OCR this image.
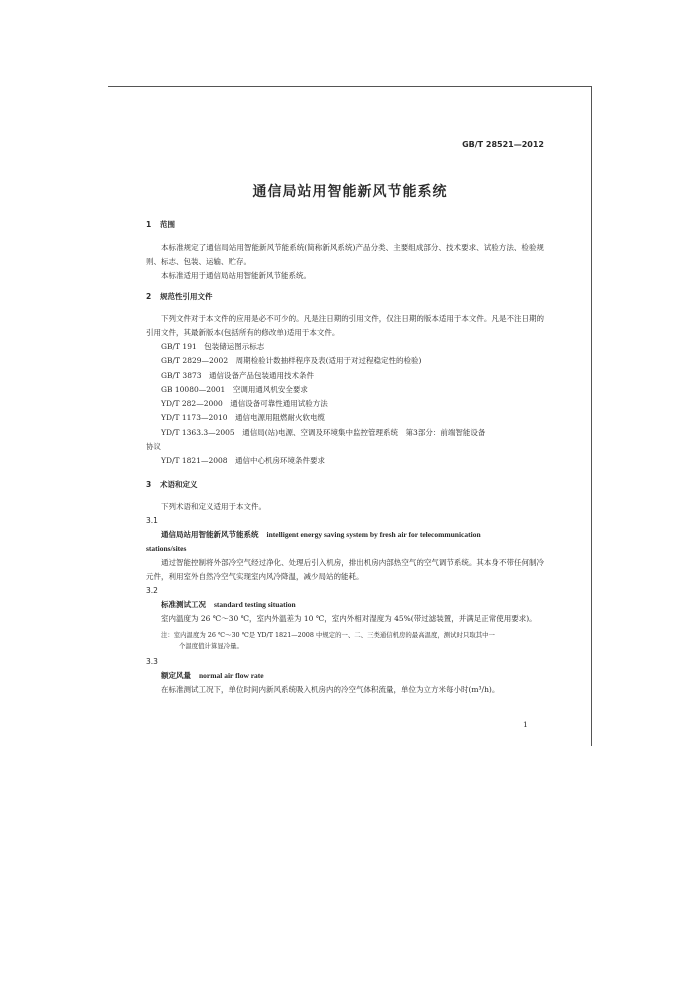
GB/T 28521—2012
通信局站用智能新风节能系统

1 范围

本标准规定了通信局站用智能新风节能系统(简称新风系统)产品分类、主要组成部分、技术要求、试验方法、检验规则、标志、包装、运输、贮存。

本标准适用于通信局站用智能新风节能系统。

2 规范性引用文件

下列文件对于本文件的应用是必不可少的。凡是注日期的引用文件，仅注日期的版本适用于本文件。凡是不注日期的引用文件，其最新版本(包括所有的修改单)适用于本文件。

GB/T 191　包装储运图示标志
GB/T 2829—2002　周期检验计数抽样程序及表(适用于对过程稳定性的检验)
GB/T 3873　通信设备产品包装通用技术条件
GB 10080—2001　空调用通风机安全要求
YD/T 282—2000　通信设备可靠性通用试验方法
YD/T 1173—2010　通信电源用阻燃耐火软电缆
YD/T 1363.3—2005　通信局(站)电源、空调及环境集中监控管理系统　第3部分：前端智能设备
协议
YD/T 1821—2008　通信中心机房环境条件要求

3 术语和定义

下列术语和定义适用于本文件。

3.1

通信局站用智能新风节能系统 intelligent energy saving system by fresh air for telecommunication

stations/sites

通过智能控制将外部冷空气经过净化、处理后引入机房，排出机房内部热空气的空气调节系统。其本身不带任何制冷元件，利用室外自然冷空气实现室内风冷降温，减少局站的能耗。

3.2

标准测试工况 standard testing situation

室内温度为 26 ℃～30 ℃，室内外温差为 10 ℃，室内外相对湿度为 45%(带过滤装置，并满足正常使用要求)。

注：室内温度为 26 ℃～30 ℃是 YD/T 1821—2008 中规定的一、二、三类通信机房的最高温度，测试时只取其中一
个温度值计算显冷量。

3.3

额定风量 normal air flow rate

在标准测试工况下，单位时间内新风系统吸入机房内的冷空气体积流量，单位为立方米每小时(m³/h)。

1
